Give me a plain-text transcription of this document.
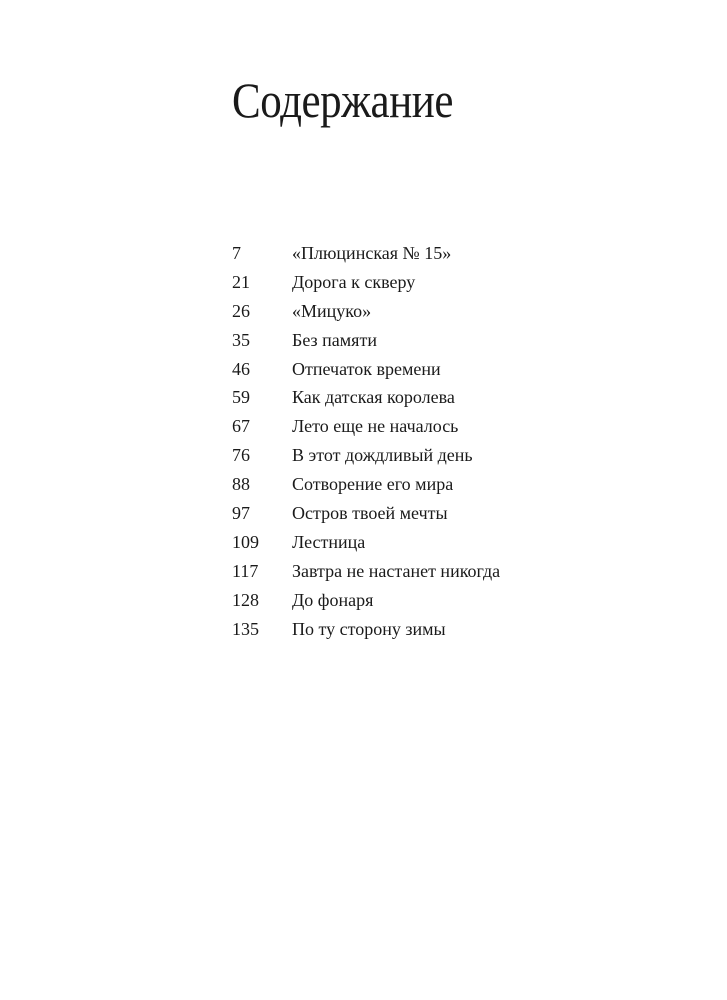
Содержание
7	«Плюцинская № 15»
21	Дорога к скверу
26	«Мицуко»
35	Без памяти
46	Отпечаток времени
59	Как датская королева
67	Лето еще не началось
76	В этот дождливый день
88	Сотворение его мира
97	Остров твоей мечты
109	Лестница
117	Завтра не настанет никогда
128	До фонаря
135	По ту сторону зимы
